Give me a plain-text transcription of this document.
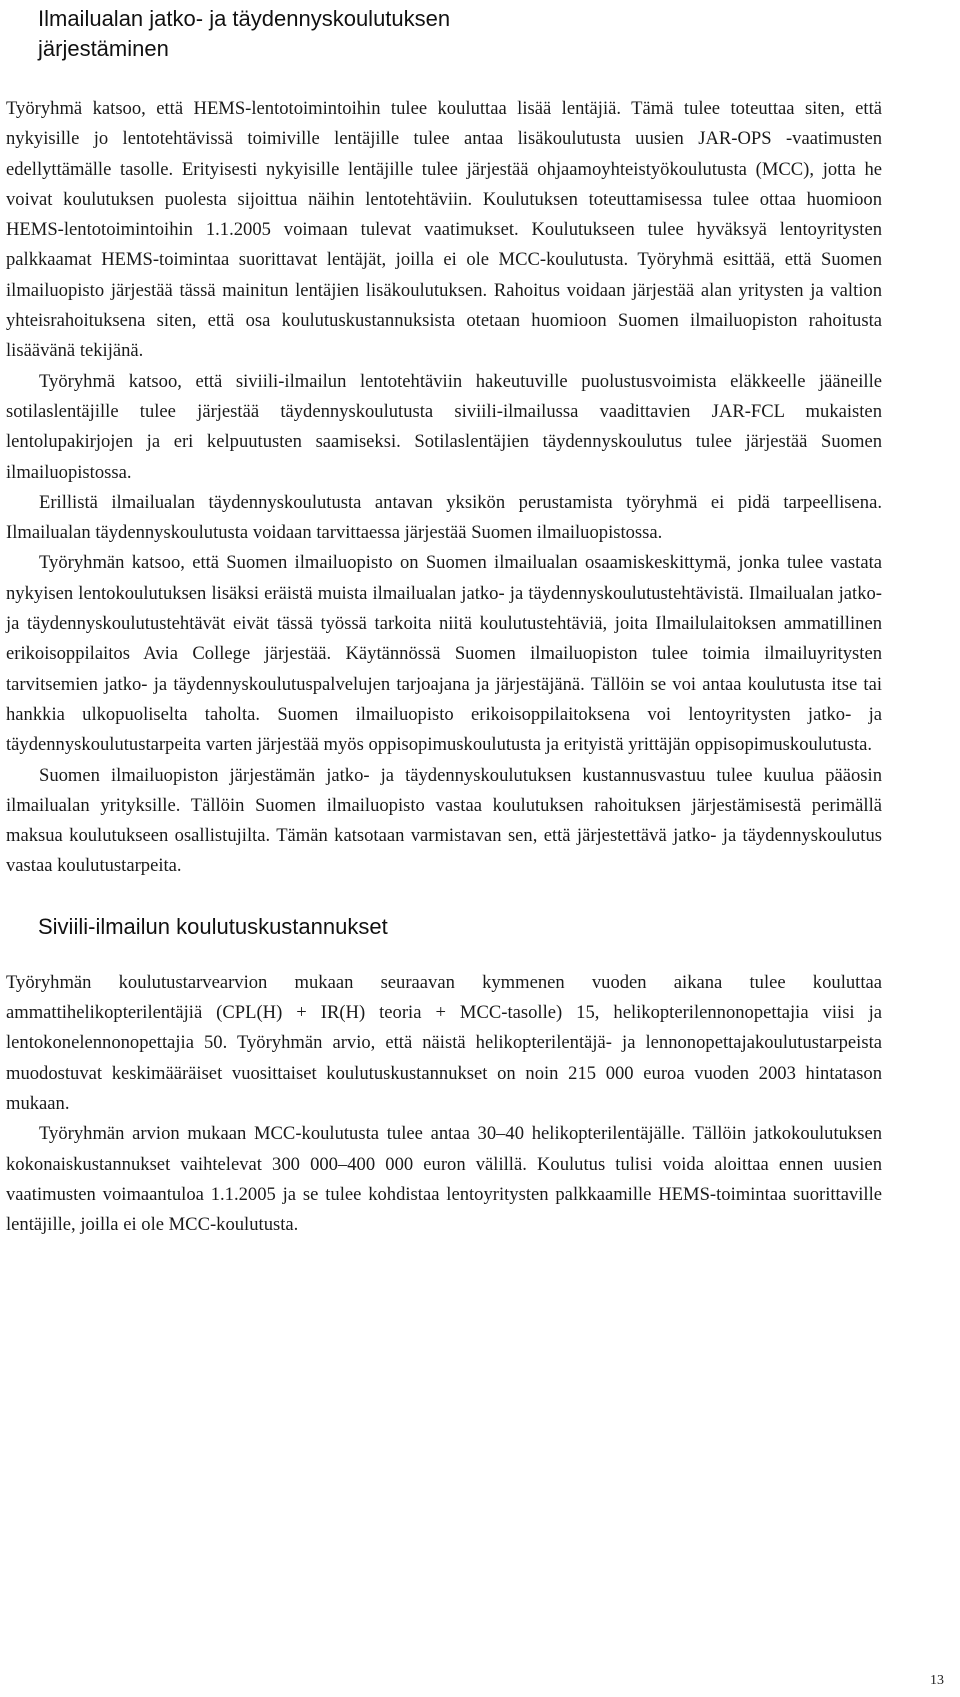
Ilmailualan jatko- ja täydennyskoulutuksen järjestäminen

Työryhmä katsoo, että HEMS-lentotoimintoihin tulee kouluttaa lisää lentäjiä. Tämä tulee toteuttaa siten, että nykyisille jo lentotehtävissä toimiville lentäjille tulee antaa lisäkoulutusta uusien JAR-OPS -vaatimusten edellyttämälle tasolle. Erityisesti nykyisille lentäjille tulee järjestää ohjaamoyhteistyökoulutusta (MCC), jotta he voivat koulutuksen puolesta sijoittua näihin lentotehtäviin. Koulutuksen toteuttamisessa tulee ottaa huomioon HEMS-lentotoimintoihin 1.1.2005 voimaan tulevat vaatimukset. Koulutukseen tulee hyväksyä lentoyritysten palkkaamat HEMS-toimintaa suorittavat lentäjät, joilla ei ole MCC-koulutusta. Työryhmä esittää, että Suomen ilmailuopisto järjestää tässä mainitun lentäjien lisäkoulutuksen. Rahoitus voidaan järjestää alan yritysten ja valtion yhteisrahoituksena siten, että osa koulutuskustannuksista otetaan huomioon Suomen ilmailuopiston rahoitusta lisäävänä tekijänä.

Työryhmä katsoo, että siviili-ilmailun lentotehtäviin hakeutuville puolustusvoimista eläkkeelle jääneille sotilaslentäjille tulee järjestää täydennyskoulutusta siviili-ilmailussa vaadittavien JAR-FCL mukaisten lentolupakirjojen ja eri kelpuutusten saamiseksi. Sotilaslentäjien täydennyskoulutus tulee järjestää Suomen ilmailuopistossa.

Erillistä ilmailualan täydennyskoulutusta antavan yksikön perustamista työryhmä ei pidä tarpeellisena. Ilmailualan täydennyskoulutusta voidaan tarvittaessa järjestää Suomen ilmailuopistossa.

Työryhmän katsoo, että Suomen ilmailuopisto on Suomen ilmailualan osaamiskeskittymä, jonka tulee vastata nykyisen lentokoulutuksen lisäksi eräistä muista ilmailualan jatko- ja täydennyskoulutustehtävistä. Ilmailualan jatko- ja täydennyskoulutustehtävät eivät tässä työssä tarkoita niitä koulutustehtäviä, joita Ilmailulaitoksen ammatillinen erikoisoppilaitos Avia College järjestää. Käytännössä Suomen ilmailuopiston tulee toimia ilmailuyritysten tarvitsemien jatko- ja täydennyskoulutuspalvelujen tarjoajana ja järjestäjänä. Tällöin se voi antaa koulutusta itse tai hankkia ulkopuoliselta taholta. Suomen ilmailuopisto erikoisoppilaitoksena voi lentoyritysten jatko- ja täydennyskoulutustarpeita varten järjestää myös oppisopimuskoulutusta ja erityistä yrittäjän oppisopimuskoulutusta.

Suomen ilmailuopiston järjestämän jatko- ja täydennyskoulutuksen kustannusvastuu tulee kuulua pääosin ilmailualan yrityksille. Tällöin Suomen ilmailuopisto vastaa koulutuksen rahoituksen järjestämisestä perimällä maksua koulutukseen osallistujilta. Tämän katsotaan varmistavan sen, että järjestettävä jatko- ja täydennyskoulutus vastaa koulutustarpeita.

Siviili-ilmailun koulutuskustannukset

Työryhmän koulutustarvearvion mukaan seuraavan kymmenen vuoden aikana tulee kouluttaa ammattihelikopterilentäjiä (CPL(H) + IR(H) teoria + MCC-tasolle) 15, helikopterilennonopettajia viisi ja lentokonelennonopettajia 50. Työryhmän arvio, että näistä helikopterilentäjä- ja lennonopettajakoulutustarpeista muodostuvat keskimääräiset vuosittaiset koulutuskustannukset on noin 215 000 euroa vuoden 2003 hintatason mukaan.

Työryhmän arvion mukaan MCC-koulutusta tulee antaa 30–40 helikopterilentäjälle. Tällöin jatkokoulutuksen kokonaiskustannukset vaihtelevat 300 000–400 000 euron välillä. Koulutus tulisi voida aloittaa ennen uusien vaatimusten voimaantuloa 1.1.2005 ja se tulee kohdistaa lentoyritysten palkkaamille HEMS-toimintaa suorittaville lentäjille, joilla ei ole MCC-koulutusta.

13
